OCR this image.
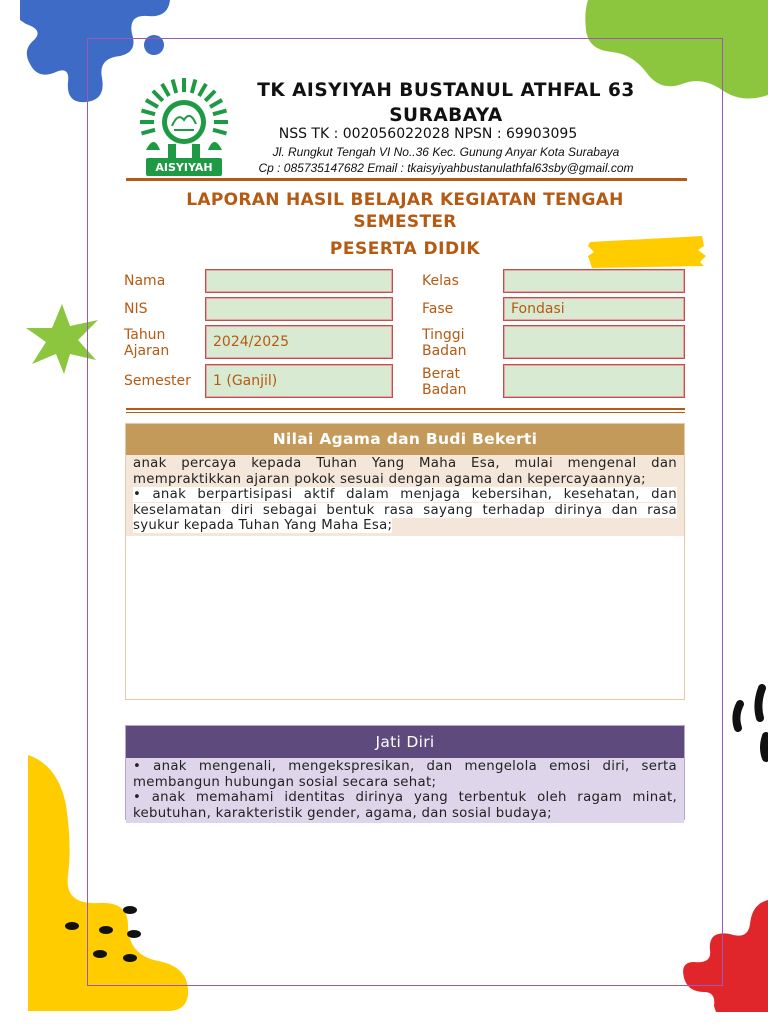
AISYIYAH
TK AISYIYAH BUSTANUL ATHFAL 63 SURABAYA
NSS TK : 002056022028 NPSN : 69903095
Jl. Rungkut Tengah VI No..36 Kec. Gunung Anyar Kota Surabaya
Cp : 085735147682 Email : tkaisyiyahbustanulathfal63sby@gmail.com
LAPORAN HASIL BELAJAR KEGIATAN TENGAH SEMESTER
PESERTA DIDIK
Nama
NIS
Tahun Ajaran
2024/2025
Semester	1 (Ganjil)
Kelas
Fase	Fondasi
Tinggi Badan
Berat Badan
Nilai Agama dan Budi Bekerti

anak percaya kepada Tuhan Yang Maha Esa, mulai mengenal dan mempraktikkan ajaran pokok sesuai dengan agama dan kepercayaannya;

• anak berpartisipasi aktif dalam menjaga kebersihan, kesehatan, dan keselamatan diri sebagai bentuk rasa sayang terhadap dirinya dan rasa syukur kepada Tuhan Yang Maha Esa;

Jati Diri

• anak mengenali, mengekspresikan, dan mengelola emosi diri, serta membangun hubungan sosial secara sehat;

• anak memahami identitas dirinya yang terbentuk oleh ragam minat, kebutuhan, karakteristik gender, agama, dan sosial budaya;
